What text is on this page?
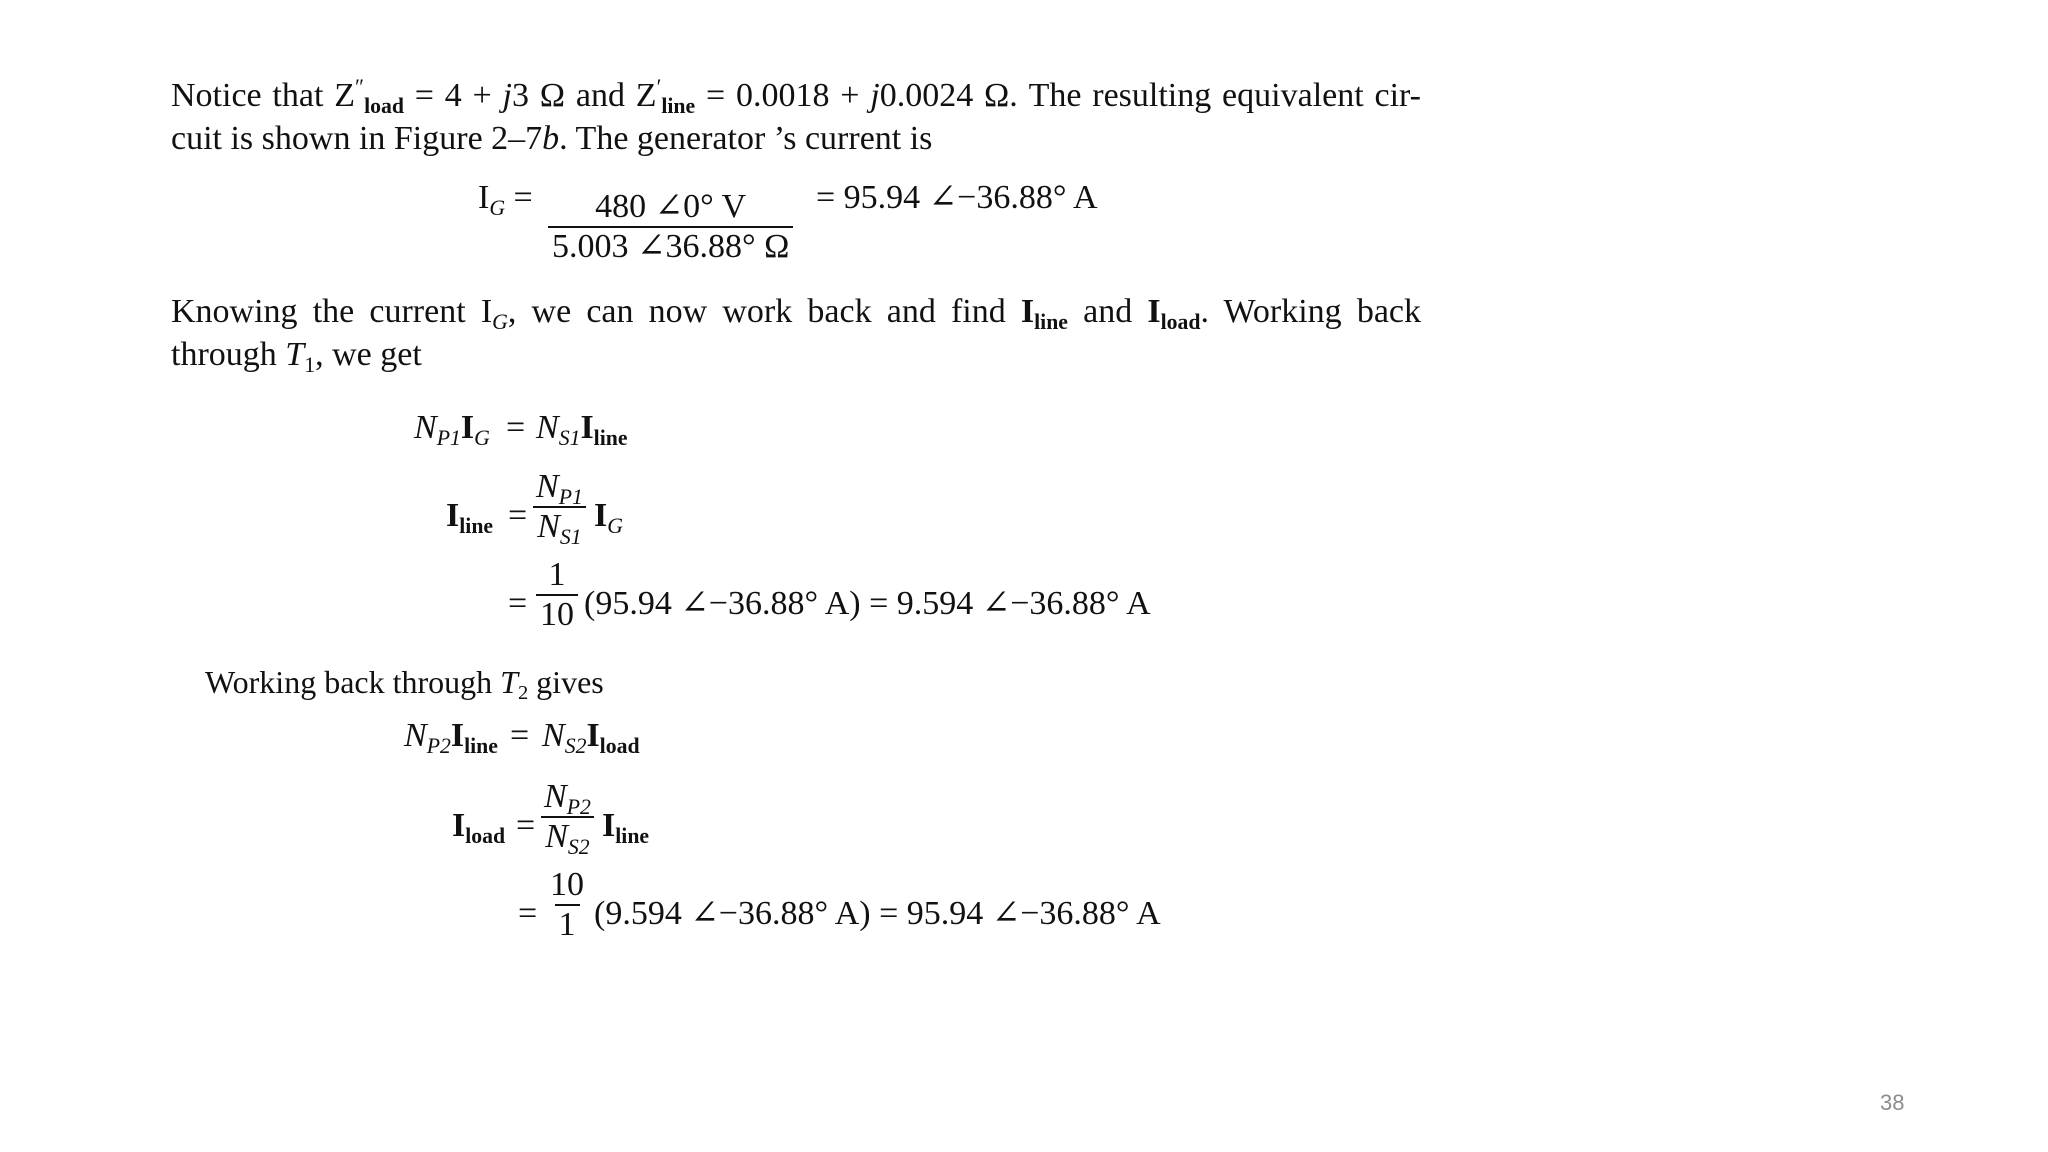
Notice that $Z''_{load} = 4 + j3$ Ω and $Z'_{line} = 0.0018 + j0.0024$ Ω. The resulting equivalent cir-cuit is shown in Figure 2–7b. The generator ’s current is

$I_G = \frac{480 \angle 0^\circ V}{5.003 \angle 36.88^\circ \Omega} = 95.94$ ∠−36.88° A

Knowing the current $I_G$, we can now work back and find $I_{line}$ and $I_{load}$. Working back through $T_1$, we get

$N_{P1}I_G = N_{S1}I_{line}$
$I_{line} = \frac{N_{P1}}{N_{S1}} I_G$
= $\frac{1}{10} (95.94$ ∠−36.88° A) = 9.594 ∠−36.88° A
Working back through $T_2$ gives
$N_{P2}I_{line} = N_{S2}I_{load}$
$I_{load} = \frac{N_{P2}}{N_{S2}} I_{line}$
= $\frac{10}{1} (9.594$ ∠−36.88° A) = 95.94 ∠−36.88° A
38
